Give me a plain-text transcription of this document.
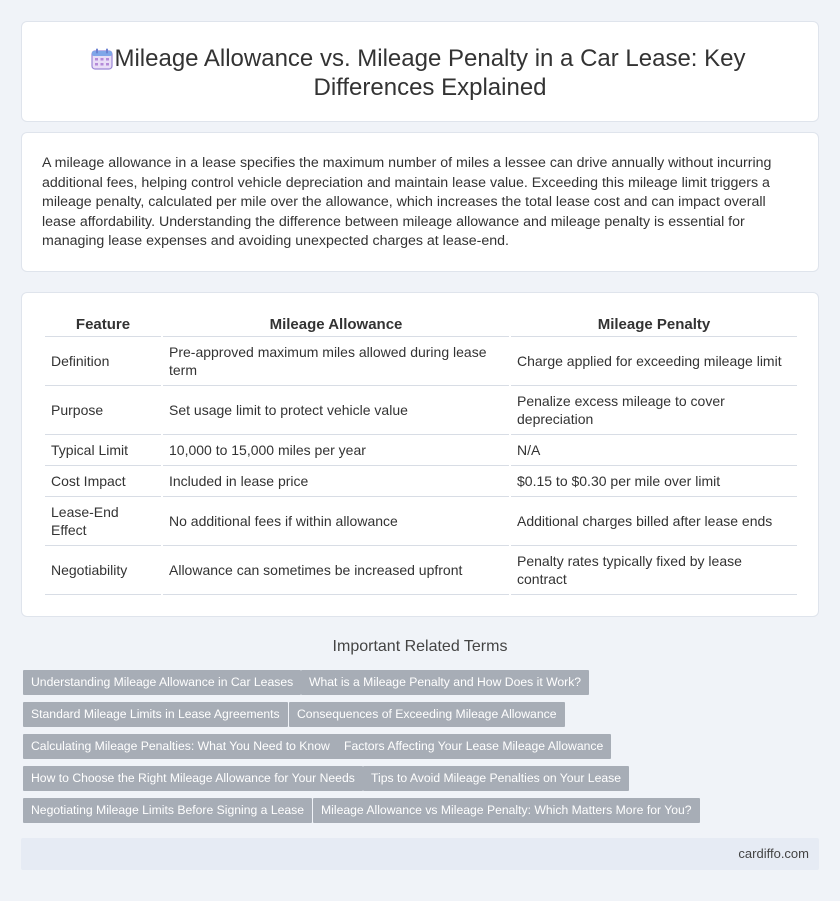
Mileage Allowance vs. Mileage Penalty in a Car Lease: Key Differences Explained

A mileage allowance in a lease specifies the maximum number of miles a lessee can drive annually without incurring additional fees, helping control vehicle depreciation and maintain lease value. Exceeding this mileage limit triggers a mileage penalty, calculated per mile over the allowance, which increases the total lease cost and can impact overall lease affordability. Understanding the difference between mileage allowance and mileage penalty is essential for managing lease expenses and avoiding unexpected charges at lease-end.

Feature	Mileage Allowance	Mileage Penalty
Definition	Pre-approved maximum miles allowed during lease term	Charge applied for exceeding mileage limit
Purpose	Set usage limit to protect vehicle value	Penalize excess mileage to cover depreciation
Typical Limit	10,000 to 15,000 miles per year	N/A
Cost Impact	Included in lease price	$0.15 to $0.30 per mile over limit
Lease-End Effect	No additional fees if within allowance	Additional charges billed after lease ends
Negotiability	Allowance can sometimes be increased upfront	Penalty rates typically fixed by lease contract
Important Related Terms
Understanding Mileage Allowance in Car Leases	What is a Mileage Penalty and How Does it Work?
Standard Mileage Limits in Lease Agreements	Consequences of Exceeding Mileage Allowance
Calculating Mileage Penalties: What You Need to Know	Factors Affecting Your Lease Mileage Allowance
How to Choose the Right Mileage Allowance for Your Needs	Tips to Avoid Mileage Penalties on Your Lease
Negotiating Mileage Limits Before Signing a Lease	Mileage Allowance vs Mileage Penalty: Which Matters More for You?
cardiffo.com
